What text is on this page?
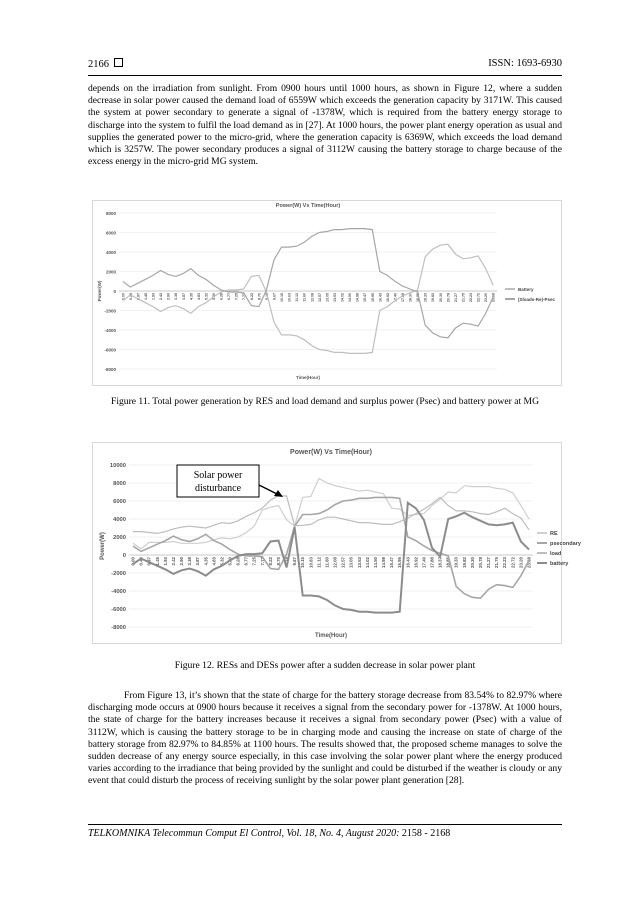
2166	ISSN: 1693-6930

depends on the irradiation from sunlight. From 0900 hours until 1000 hours, as shown in Figure 12, where a sudden decrease in solar power caused the demand load of 6559W which exceeds the generation capacity by 3171W. This caused the system at power secondary to generate a signal of -1378W, which is required from the battery energy storage to discharge into the system to fulfil the load demand as in [27]. At 1000 hours, the power plant energy operation as usual and supplies the generated power to the micro-grid, where the generation capacity is 6369W, which exceeds the load demand which is 3257W. The power secondary produces a signal of 3112W causing the battery storage to charge because of the excess energy in the micro-grid MG system.

Power(W) Vs Time(Hour)
8000
6000
4000
2000
0
-2000
-4000
-6000
-8000
Power(W)	0.00 0.48 0.97 1.45 1.93 2.42 2.90 3.38 3.87 4.35 4.83 5.32 5.80 6.28 6.77 7.25 7.73 8.22 8.70 9.18 9.67 10.15 10.63 11.12 11.60 12.08 12.57 13.05 13.53 14.02 14.50 14.98 15.47 15.95 16.43 16.92 17.40 17.88 18.37 18.85 19.33 19.82 20.30 20.78 21.27 21.75 22.23 22.72 23.20 23.68
Time(Hour)
Battery
(Sloads-Re)-Psec

Figure 11. Total power generation by RES and load demand and surplus power (Psec) and battery power at MG

Power(W) Vs Time(Hour)
10000
8000
6000
4000
2000
0
-2000
-4000
-6000
-8000
Power(W)
0.00 0.48 0.97 1.45 1.93 2.42 2.90 3.38 3.87 4.35 4.83 5.32 5.80 6.28 6.77 7.25 7.73 8.22 8.70 9.18 9.67 10.15 10.63 11.12 11.60 12.08 12.57 13.05 13.53 14.02 14.50 14.98 15.47 15.95 16.43 16.92 17.40 17.88 18.37 18.85 19.33 19.82 20.30 20.78 21.27 21.75 22.23 22.72 23.20 23.68
Time(Hour)
RE
psecondary
load
battery
Solar power
disturbance

Figure 12. RESs and DESs power after a sudden decrease in solar power plant

From Figure 13, it’s shown that the state of charge for the battery storage decrease from 83.54% to 82.97% where discharging mode occurs at 0900 hours because it receives a signal from the secondary power for -1378W. At 1000 hours, the state of charge for the battery increases because it receives a signal from secondary power (Psec) with a value of 3112W, which is causing the battery storage to be in charging mode and causing the increase on state of charge of the battery storage from 82.97% to 84.85% at 1100 hours. The results showed that, the proposed scheme manages to solve the sudden decrease of any energy source especially, in this case involving the solar power plant where the energy produced varies according to the irradiance that being provided by the sunlight and could be disturbed if the weather is cloudy or any event that could disturb the process of receiving sunlight by the solar power plant generation [28].

TELKOMNIKA Telecommun Comput El Control, Vol. 18, No. 4, August 2020: 2158 - 2168
